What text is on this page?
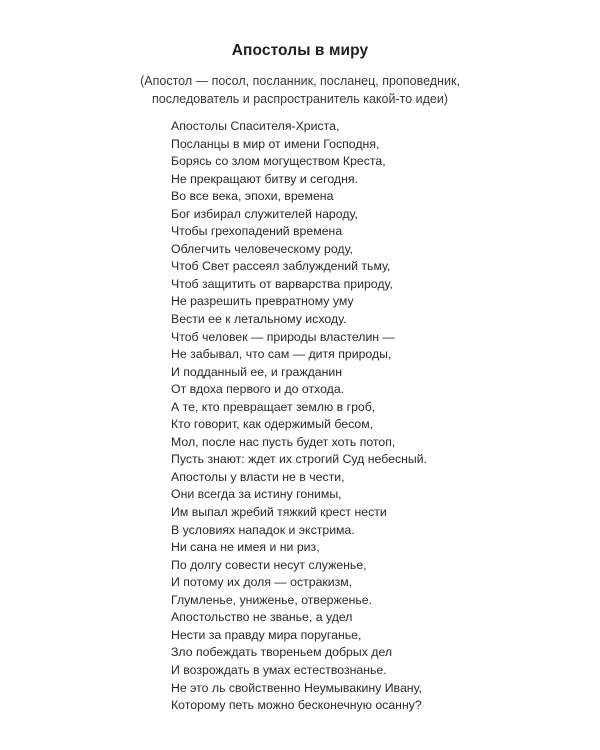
Апостолы в миру
(Апостол — посол, посланник, посланец, проповедник,
последователь и распространитель какой-то идеи)
Апостолы Спасителя-Христа,
Посланцы в мир от имени Господня,
Борясь со злом могуществом Креста,
Не прекращают битву и сегодня.
Во все века, эпохи, времена
Бог избирал служителей народу,
Чтобы грехопадений времена
Облегчить человеческому роду,
Чтоб Свет рассеял заблуждений тьму,
Чтоб защитить от варварства природу,
Не разрешить превратному уму
Вести ее к летальному исходу.
Чтоб человек — природы властелин —
Не забывал, что сам — дитя природы,
И подданный ее, и гражданин
От вдоха первого и до отхода.
А те, кто превращает землю в гроб,
Кто говорит, как одержимый бесом,
Мол, после нас пусть будет хоть потоп,
Пусть знают: ждет их строгий Суд небесный.
Апостолы у власти не в чести,
Они всегда за истину гонимы,
Им выпал жребий тяжкий крест нести
В условиях нападок и экстрима.
Ни сана не имея и ни риз,
По долгу совести несут служенье,
И потому их доля — остракизм,
Глумленье, униженье, отверженье.
Апостольство не званье, а удел
Нести за правду мира поруганье,
Зло побеждать твореньем добрых дел
И возрождать в умах естествознанье.
Не это ль свойственно Неумывакину Ивану,
Которому петь можно бесконечную осанну?
